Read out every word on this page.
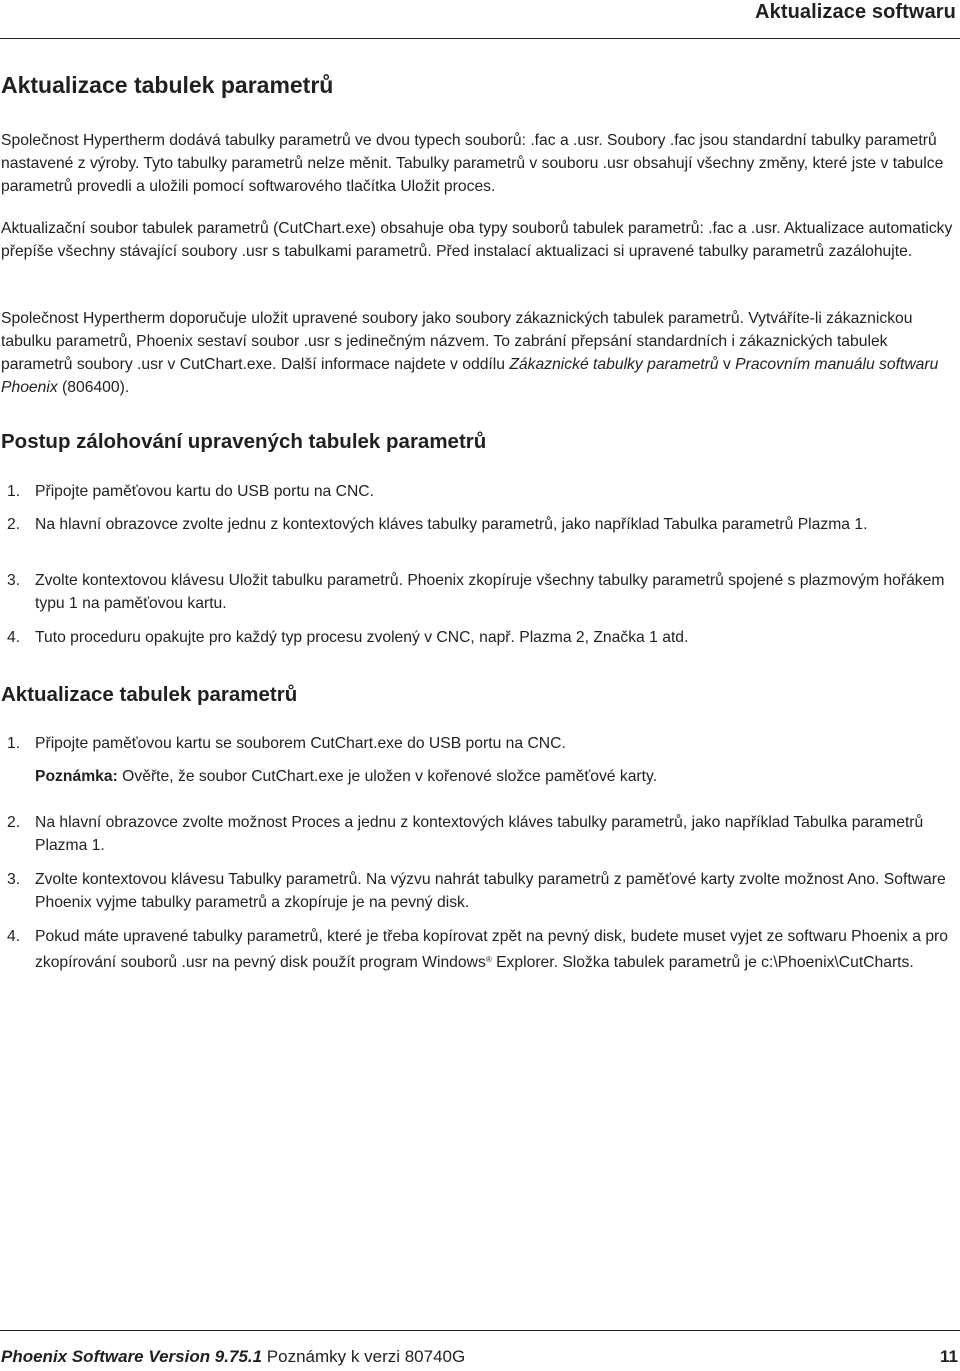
Aktualizace softwaru
Aktualizace tabulek parametrů

Společnost Hypertherm dodává tabulky parametrů ve dvou typech souborů: .fac a .usr. Soubory .fac jsou standardní tabulky parametrů nastavené z výroby. Tyto tabulky parametrů nelze měnit. Tabulky parametrů v souboru .usr obsahují všechny změny, které jste v tabulce parametrů provedli a uložili pomocí softwarového tlačítka Uložit proces.

Aktualizační soubor tabulek parametrů (CutChart.exe) obsahuje oba typy souborů tabulek parametrů: .fac a .usr. Aktualizace automaticky přepíše všechny stávající soubory .usr s tabulkami parametrů. Před instalací aktualizaci si upravené tabulky parametrů zazálohujte.

Společnost Hypertherm doporučuje uložit upravené soubory jako soubory zákaznických tabulek parametrů. Vytváříte-li zákaznickou tabulku parametrů, Phoenix sestaví soubor .usr s jedinečným názvem. To zabrání přepsání standardních i zákaznických tabulek parametrů soubory .usr v CutChart.exe. Další informace najdete v oddílu Zákaznické tabulky parametrů v Pracovním manuálu softwaru Phoenix (806400).

Postup zálohování upravených tabulek parametrů
1. Připojte paměťovou kartu do USB portu na CNC.
2. Na hlavní obrazovce zvolte jednu z kontextových kláves tabulky parametrů, jako například Tabulka parametrů Plazma 1.
3. Zvolte kontextovou klávesu Uložit tabulku parametrů. Phoenix zkopíruje všechny tabulky parametrů spojené s plazmovým hořákem typu 1 na paměťovou kartu.
4. Tuto proceduru opakujte pro každý typ procesu zvolený v CNC, např. Plazma 2, Značka 1 atd.
Aktualizace tabulek parametrů
1. Připojte paměťovou kartu se souborem CutChart.exe do USB portu na CNC.
Poznámka: Ověřte, že soubor CutChart.exe je uložen v kořenové složce paměťové karty.
2. Na hlavní obrazovce zvolte možnost Proces a jednu z kontextových kláves tabulky parametrů, jako například Tabulka parametrů Plazma 1.
3. Zvolte kontextovou klávesu Tabulky parametrů. Na výzvu nahrát tabulky parametrů z paměťové karty zvolte možnost Ano. Software Phoenix vyjme tabulky parametrů a zkopíruje je na pevný disk.
4. Pokud máte upravené tabulky parametrů, které je třeba kopírovat zpět na pevný disk, budete muset vyjet ze softwaru Phoenix a pro zkopírování souborů .usr na pevný disk použít program Windows® Explorer. Složka tabulek parametrů je c:\Phoenix\CutCharts.
Phoenix Software Version 9.75.1 Poznámky k verzi 80740G	11
